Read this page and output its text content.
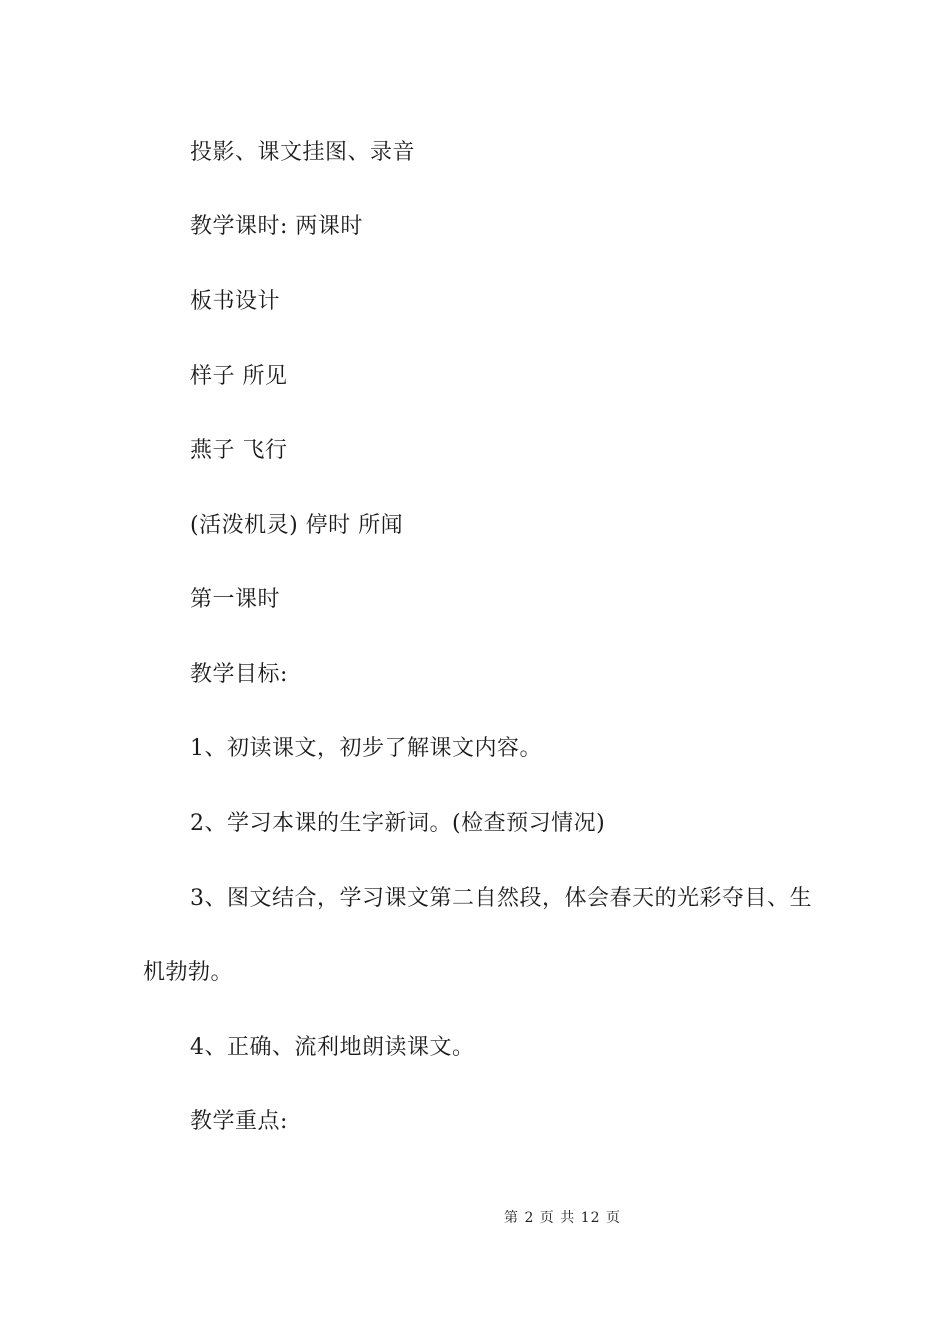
投影、课文挂图、录音
教学课时: 两课时
板书设计
样子 所见
燕子 飞行
(活泼机灵) 停时 所闻
第一课时
教学目标:
1、初读课文，初步了解课文内容。
2、学习本课的生字新词。(检查预习情况)
3、图文结合，学习课文第二自然段，体会春天的光彩夺目、生
机勃勃。
4、正确、流利地朗读课文。
教学重点:
第 2 页 共 12 页
